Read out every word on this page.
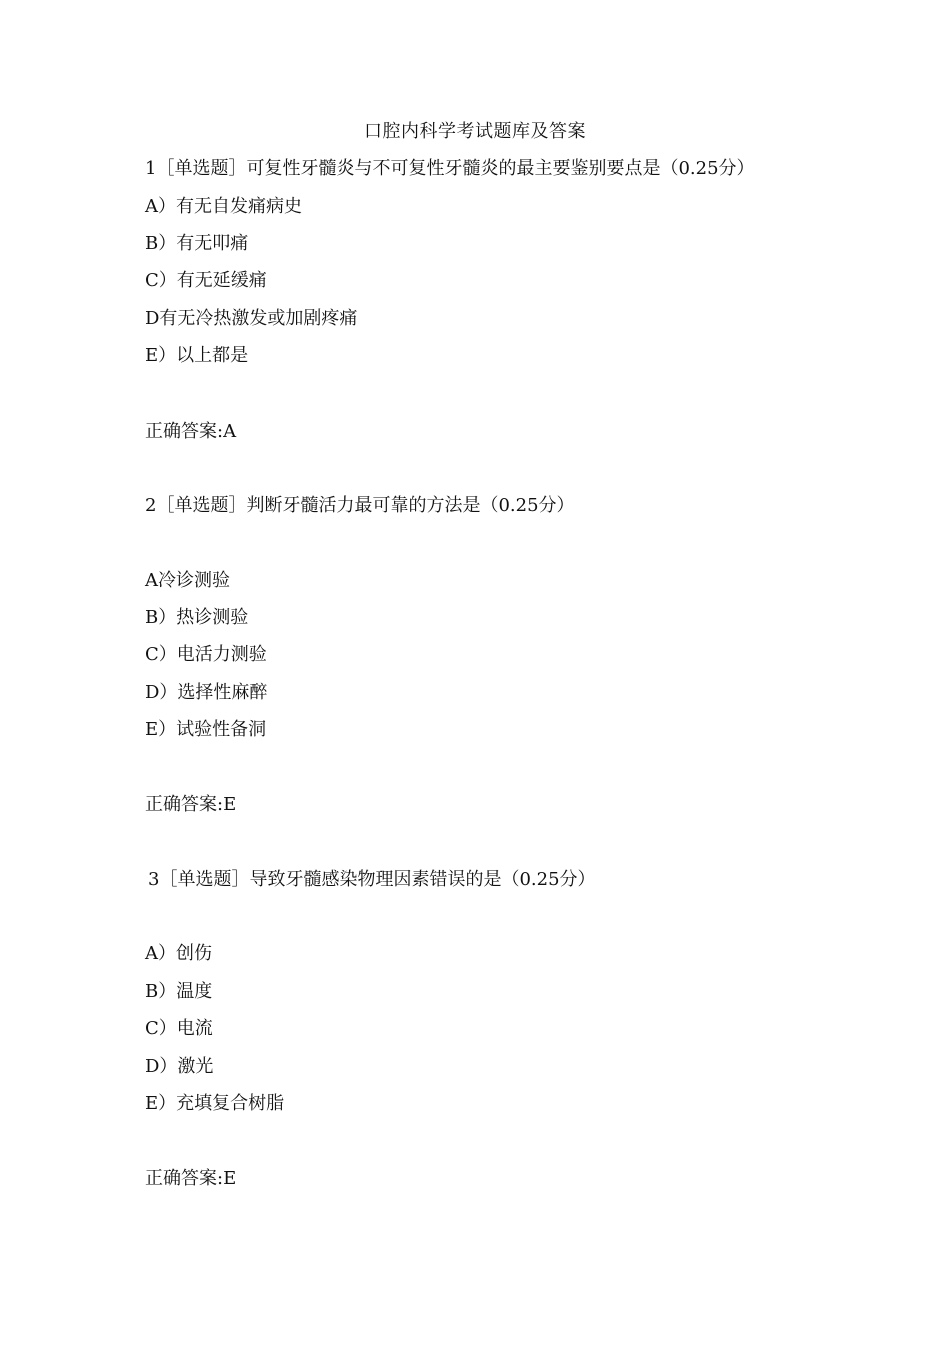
口腔内科学考试题库及答案
1［单选题］可复性牙髓炎与不可复性牙髓炎的最主要鉴别要点是（0.25分）
A）有无自发痛病史
B）有无叩痛
C）有无延缓痛
D有无冷热激发或加剧疼痛
E）以上都是
正确答案:A
2［单选题］判断牙髓活力最可靠的方法是（0.25分）
A冷诊测验
B）热诊测验
C）电活力测验
D）选择性麻醉
E）试验性备洞
正确答案:E
3［单选题］导致牙髓感染物理因素错误的是（0.25分）
A）创伤
B）温度
C）电流
D）激光
E）充填复合树脂
正确答案:E
